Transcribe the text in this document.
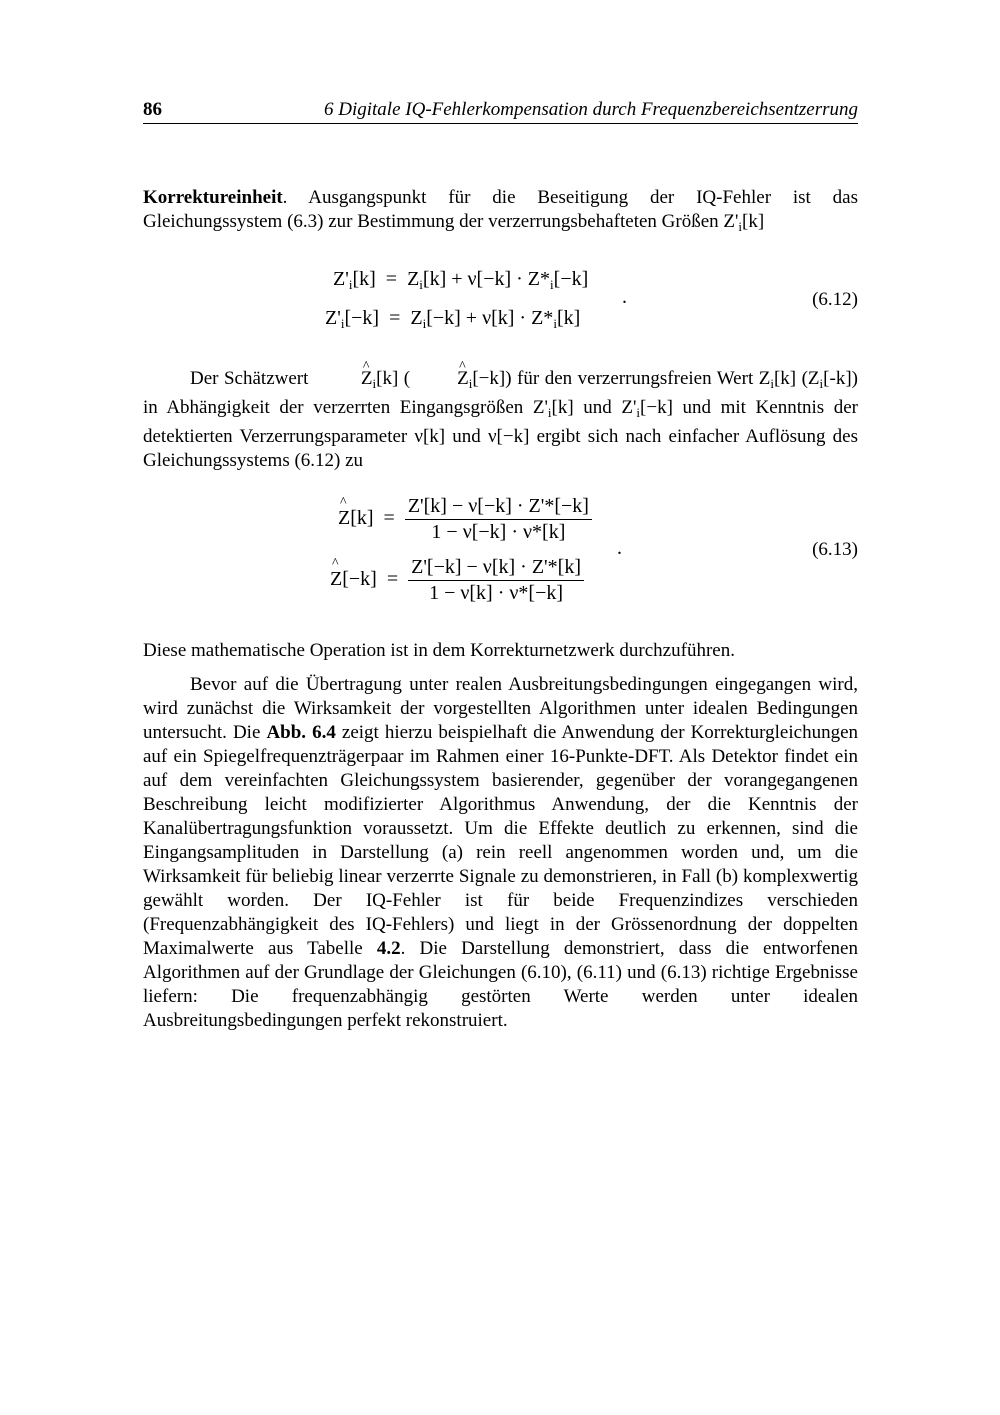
86	6 Digitale IQ-Fehlerkompensation durch Frequenzbereichsentzerrung

Korrektureinheit. Ausgangspunkt für die Beseitigung der IQ-Fehler ist das Gleichungssystem (6.3) zur Bestimmung der verzerrungsbehafteten Größen $Z'_i[k]$

$Z'_i[k] = Z_i[k] + \nu[-k] \cdot Z*_i[-k]$
$Z'_i[-k] = Z_i[-k] + \nu[k] \cdot Z*_i[k]$
.	(6.12)

Der Schätzwert ^ $Z_i[k]$ ( ^ $Z_i[-k]$) für den verzerrungsfreien Wert $Z_i[k]$ $(Z_i[-k])$ in Abhängigkeit der verzerrten Eingangsgrößen $Z'_i[k]$ und $Z'_i[-k]$ und mit Kenntnis der detektierten Verzerrungsparameter ν[k] und ν[−k] ergibt sich nach einfacher Auflösung des Gleichungssystems (6.12) zu

^ $Z[k] = \frac{Z'[k] - \nu[-k] \cdot Z'*[-k]}{1 - \nu[-k] \cdot \nu*[k]}$
^ $Z[-k] = \frac{Z'[-k] - \nu[k] \cdot Z'*[k]}{1 - \nu[k] \cdot \nu*[-k]}$
.	(6.13)

Diese mathematische Operation ist in dem Korrekturnetzwerk durchzuführen.

Bevor auf die Übertragung unter realen Ausbreitungsbedingungen eingegangen wird, wird zunächst die Wirksamkeit der vorgestellten Algorithmen unter idealen Bedingungen untersucht. Die Abb. 6.4 zeigt hierzu beispielhaft die Anwendung der Korrekturgleichungen auf ein Spiegelfrequenzträgerpaar im Rahmen einer 16-Punkte-DFT. Als Detektor findet ein auf dem vereinfachten Gleichungssystem basierender, gegenüber der vorangegangenen Beschreibung leicht modifizierter Algorithmus Anwendung, der die Kenntnis der Kanalübertragungsfunktion voraussetzt. Um die Effekte deutlich zu erkennen, sind die Eingangsamplituden in Darstellung (a) rein reell angenommen worden und, um die Wirksamkeit für beliebig linear verzerrte Signale zu demonstrieren, in Fall (b) komplexwertig gewählt worden. Der IQ-Fehler ist für beide Frequenzindizes verschieden (Frequenzabhängigkeit des IQ-Fehlers) und liegt in der Grössenordnung der doppelten Maximalwerte aus Tabelle 4.2. Die Darstellung demonstriert, dass die entworfenen Algorithmen auf der Grundlage der Gleichungen (6.10), (6.11) und (6.13) richtige Ergebnisse liefern: Die frequenzabhängig gestörten Werte werden unter idealen Ausbreitungsbedingungen perfekt rekonstruiert.
